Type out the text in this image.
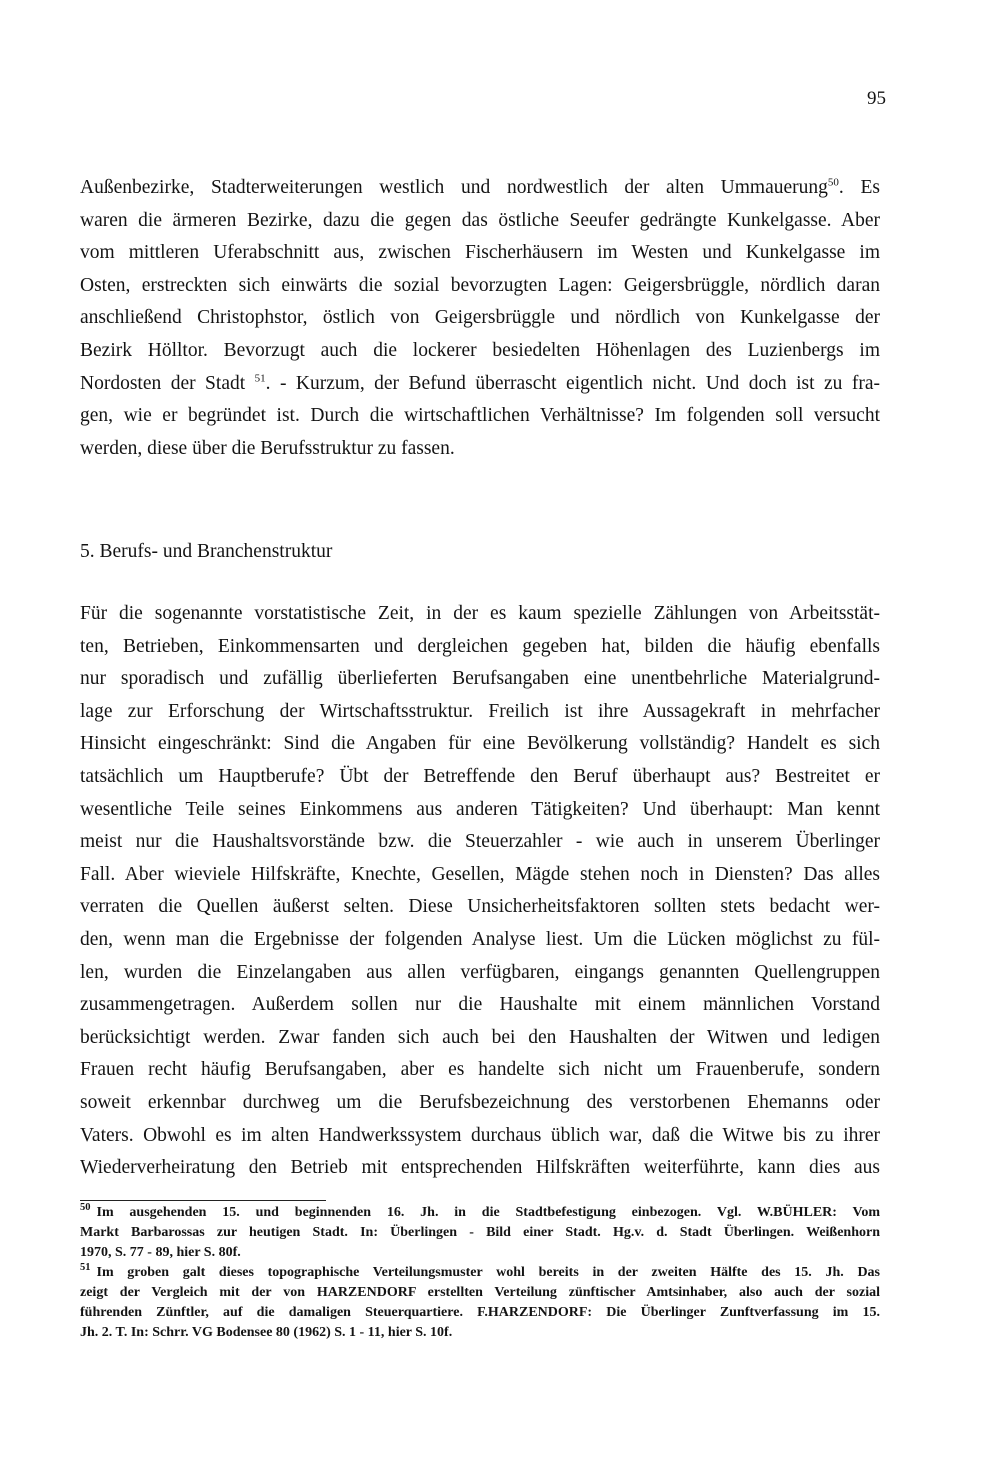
95
Außenbezirke, Stadterweiterungen westlich und nordwestlich der alten Ummauerung$^{50}$. Es
waren die ärmeren Bezirke, dazu die gegen das östliche Seeufer gedrängte Kunkelgasse. Aber
vom mittleren Uferabschnitt aus, zwischen Fischerhäusern im Westen und Kunkelgasse im
Osten, erstreckten sich einwärts die sozial bevorzugten Lagen: Geigersbrüggle, nördlich daran
anschließend Christophstor, östlich von Geigersbrüggle und nördlich von Kunkelgasse der
Bezirk Hölltor. Bevorzugt auch die lockerer besiedelten Höhenlagen des Luzienbergs im
Nordosten der Stadt $^{51}$. - Kurzum, der Befund überrascht eigentlich nicht. Und doch ist zu fra-
gen, wie er begründet ist. Durch die wirtschaftlichen Verhältnisse? Im folgenden soll versucht
werden, diese über die Berufsstruktur zu fassen.
5. Berufs- und Branchenstruktur
Für die sogenannte vorstatistische Zeit, in der es kaum spezielle Zählungen von Arbeitsstät-
ten, Betrieben, Einkommensarten und dergleichen gegeben hat, bilden die häufig ebenfalls
nur sporadisch und zufällig überlieferten Berufsangaben eine unentbehrliche Materialgrund-
lage zur Erforschung der Wirtschaftsstruktur. Freilich ist ihre Aussagekraft in mehrfacher
Hinsicht eingeschränkt: Sind die Angaben für eine Bevölkerung vollständig? Handelt es sich
tatsächlich um Hauptberufe? Übt der Betreffende den Beruf überhaupt aus? Bestreitet er
wesentliche Teile seines Einkommens aus anderen Tätigkeiten? Und überhaupt: Man kennt
meist nur die Haushaltsvorstände bzw. die Steuerzahler - wie auch in unserem Überlinger
Fall. Aber wieviele Hilfskräfte, Knechte, Gesellen, Mägde stehen noch in Diensten? Das alles
verraten die Quellen äußerst selten. Diese Unsicherheitsfaktoren sollten stets bedacht wer-
den, wenn man die Ergebnisse der folgenden Analyse liest. Um die Lücken möglichst zu fül-
len, wurden die Einzelangaben aus allen verfügbaren, eingangs genannten Quellengruppen
zusammengetragen. Außerdem sollen nur die Haushalte mit einem männlichen Vorstand
berücksichtigt werden. Zwar fanden sich auch bei den Haushalten der Witwen und ledigen
Frauen recht häufig Berufsangaben, aber es handelte sich nicht um Frauenberufe, sondern
soweit erkennbar durchweg um die Berufsbezeichnung des verstorbenen Ehemanns oder
Vaters. Obwohl es im alten Handwerkssystem durchaus üblich war, daß die Witwe bis zu ihrer
Wiederverheiratung den Betrieb mit entsprechenden Hilfskräften weiterführte, kann dies aus
$^{50}$ Im ausgehenden 15. und beginnenden 16. Jh. in die Stadtbefestigung einbezogen. Vgl. W.BÜHLER: Vom
Markt Barbarossas zur heutigen Stadt. In: Überlingen - Bild einer Stadt. Hg.v. d. Stadt Überlingen. Weißenhorn
1970, S. 77 - 89, hier S. 80f.
$^{51}$ Im groben galt dieses topographische Verteilungsmuster wohl bereits in der zweiten Hälfte des 15. Jh. Das
zeigt der Vergleich mit der von HARZENDORF erstellten Verteilung zünftischer Amtsinhaber, also auch der sozial
führenden Zünftler, auf die damaligen Steuerquartiere. F.HARZENDORF: Die Überlinger Zunftverfassung im 15.
Jh. 2. T. In: Schrr. VG Bodensee 80 (1962) S. 1 - 11, hier S. 10f.
